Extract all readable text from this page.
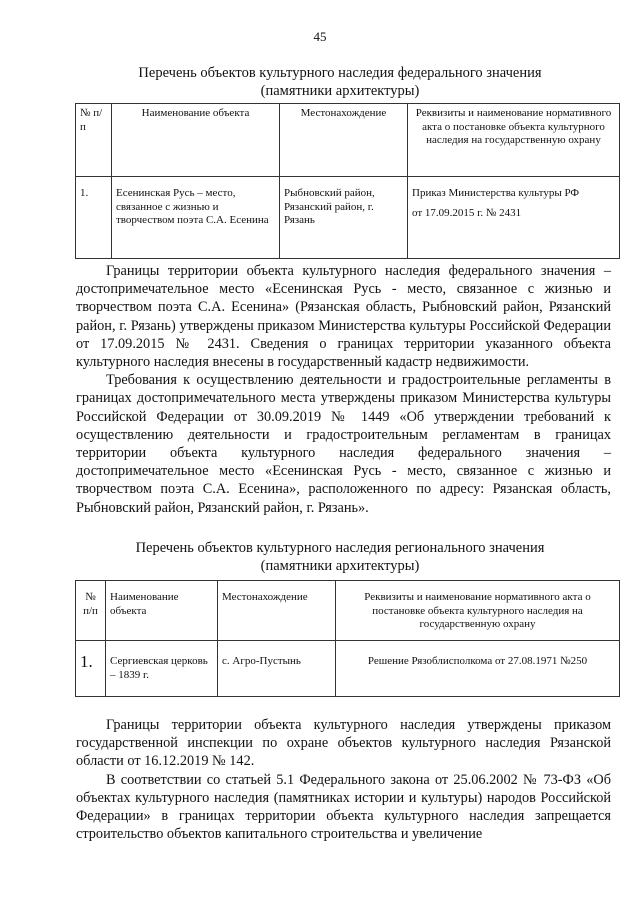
45
Перечень объектов культурного наследия федерального значения
(памятники архитектуры)
№ п/п	Наименование объекта	Местонахождение	Реквизиты и наименование нормативного акта о постановке объекта культурного наследия на государственную охрану
1.	Есенинская Русь – место, связанное с жизнью и творчеством поэта С.А. Есенина	Рыбновский район, Рязанский район, г. Рязань	Приказ Министерства культуры РФ
от 17.09.2015 г. № 2431

Границы территории объекта культурного наследия федерального значения – достопримечательное место «Есенинская Русь - место, связанное с жизнью и творчеством поэта С.А. Есенина» (Рязанская область, Рыбновский район, Рязанский район, г. Рязань) утверждены приказом Министерства культуры Российской Федерации от 17.09.2015 № 2431. Сведения о границах территории указанного объекта культурного наследия внесены в государственный кадастр недвижимости.

Требования к осуществлению деятельности и градостроительные регламенты в границах достопримечательного места утверждены приказом Министерства культуры Российской Федерации от 30.09.2019 № 1449 «Об утверждении требований к осуществлению деятельности и градостроительным регламентам в границах территории объекта культурного наследия федерального значения – достопримечательное место «Есенинская Русь - место, связанное с жизнью и творчеством поэта С.А. Есенина», расположенного по адресу: Рязанская область, Рыбновский район, Рязанский район, г. Рязань».

Перечень объектов культурного наследия регионального значения
(памятники архитектуры)
№ п/п	Наименование объекта	Местонахождение	Реквизиты и наименование нормативного акта о постановке объекта культурного наследия на государственную охрану
1.	Сергиевская церковь – 1839 г.	с. Агро-Пустынь	Решение Рязоблисполкома от 27.08.1971 №250

Границы территории объекта культурного наследия утверждены приказом государственной инспекции по охране объектов культурного наследия Рязанской области от 16.12.2019 № 142.

В соответствии со статьей 5.1 Федерального закона от 25.06.2002 № 73-ФЗ «Об объектах культурного наследия (памятниках истории и культуры) народов Российской Федерации» в границах территории объекта культурного наследия запрещается строительство объектов капитального строительства и увеличение
